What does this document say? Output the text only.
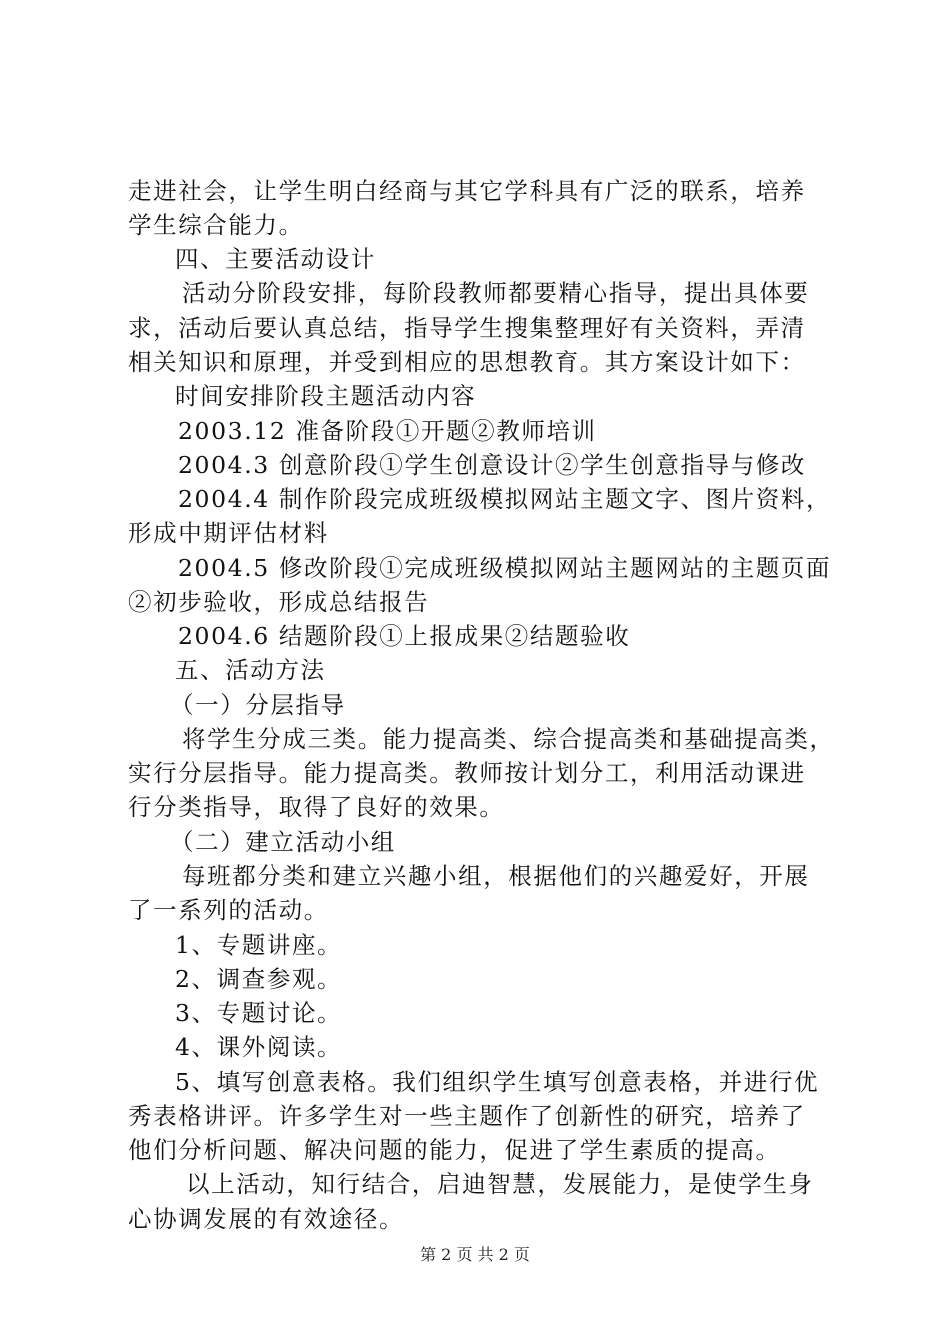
走进社会，让学生明白经商与其它学科具有广泛的联系，培养
学生综合能力。
四、主要活动设计
活动分阶段安排，每阶段教师都要精心指导，提出具体要
求，活动后要认真总结，指导学生搜集整理好有关资料，弄清
相关知识和原理，并受到相应的思想教育。其方案设计如下：
时间安排阶段主题活动内容
2003.12 准备阶段①开题②教师培训
2004.3 创意阶段①学生创意设计②学生创意指导与修改
2004.4 制作阶段完成班级模拟网站主题文字、图片资料，
形成中期评估材料
2004.5 修改阶段①完成班级模拟网站主题网站的主题页面
②初步验收，形成总结报告
2004.6 结题阶段①上报成果②结题验收
五、活动方法
（一）分层指导
将学生分成三类。能力提高类、综合提高类和基础提高类，
实行分层指导。能力提高类。教师按计划分工，利用活动课进
行分类指导，取得了良好的效果。
（二）建立活动小组
每班都分类和建立兴趣小组，根据他们的兴趣爱好，开展
了一系列的活动。
1、专题讲座。
2、调查参观。
3、专题讨论。
4、课外阅读。
5、填写创意表格。我们组织学生填写创意表格，并进行优
秀表格讲评。许多学生对一些主题作了创新性的研究，培养了
他们分析问题、解决问题的能力，促进了学生素质的提高。
以上活动，知行结合，启迪智慧，发展能力，是使学生身
心协调发展的有效途径。
第 2 页 共 2 页
